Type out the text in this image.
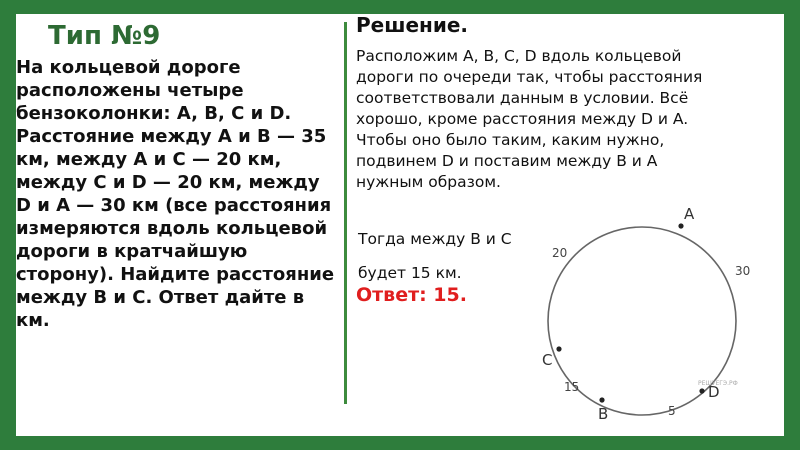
Тип №9

На кольцевой дороге расположены четыре бензоколонки: A, B, C и D. Расстояние между A и B — 35 км, между A и C — 20 км, между C и D — 20 км, между D и A — 30 км (все расстояния измеряются вдоль кольцевой дороги в кратчайшую сторону). Найдите расстояние между B и C. Ответ дайте в км.

Решение.

Расположим A, B, C, D вдоль кольцевой дороги по очереди так, чтобы расстояния соответствовали данным в условии. Всё хорошо, кроме расстояния между D и A. Чтобы оно было таким, каким нужно, подвинем D и поставим между B и A нужным образом.

Тогда между B и C
будет 15 км.
Ответ: 15.
A
C
B
D
20
30
15
5
РЕШУЕГЭ.РФ
